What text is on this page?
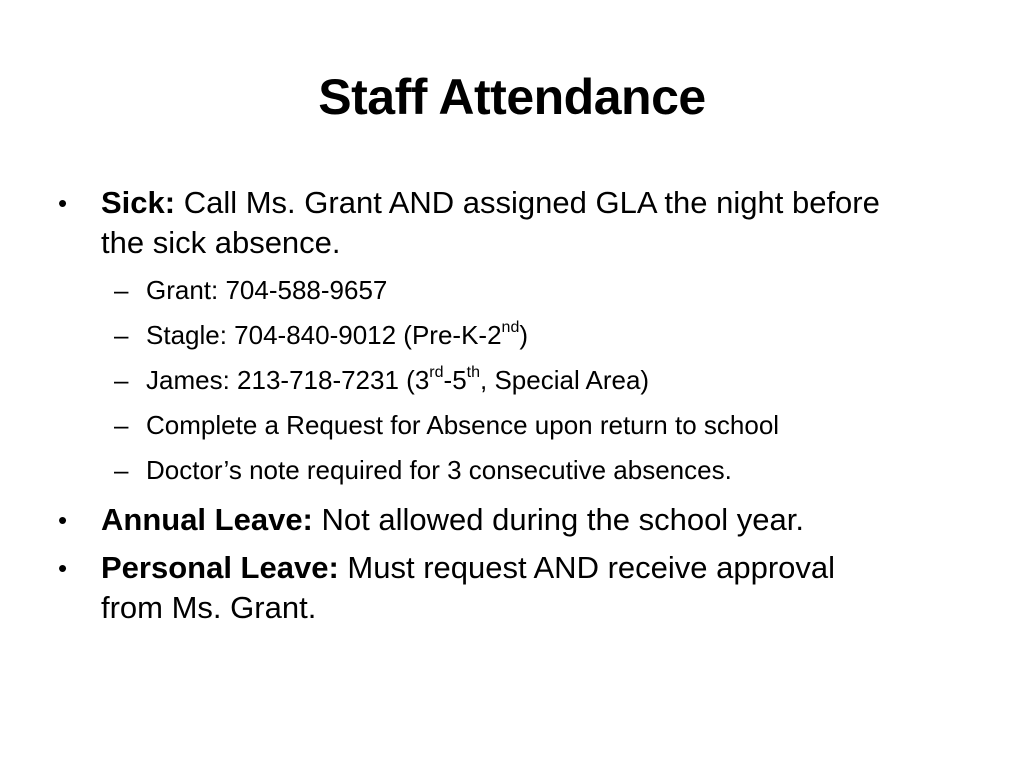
Staff Attendance
•	Sick: Call Ms. Grant AND assigned GLA the night before
the sick absence.
– Grant: 704-588-9657
– Stagle: 704-840-9012 (Pre-K-2nd)
– James: 213-718-7231 (3rd-5th, Special Area)
– Complete a Request for Absence upon return to school
– Doctor’s note required for 3 consecutive absences.
•	Annual Leave: Not allowed during the school year.
•	Personal Leave: Must request AND receive approval
from Ms. Grant.
